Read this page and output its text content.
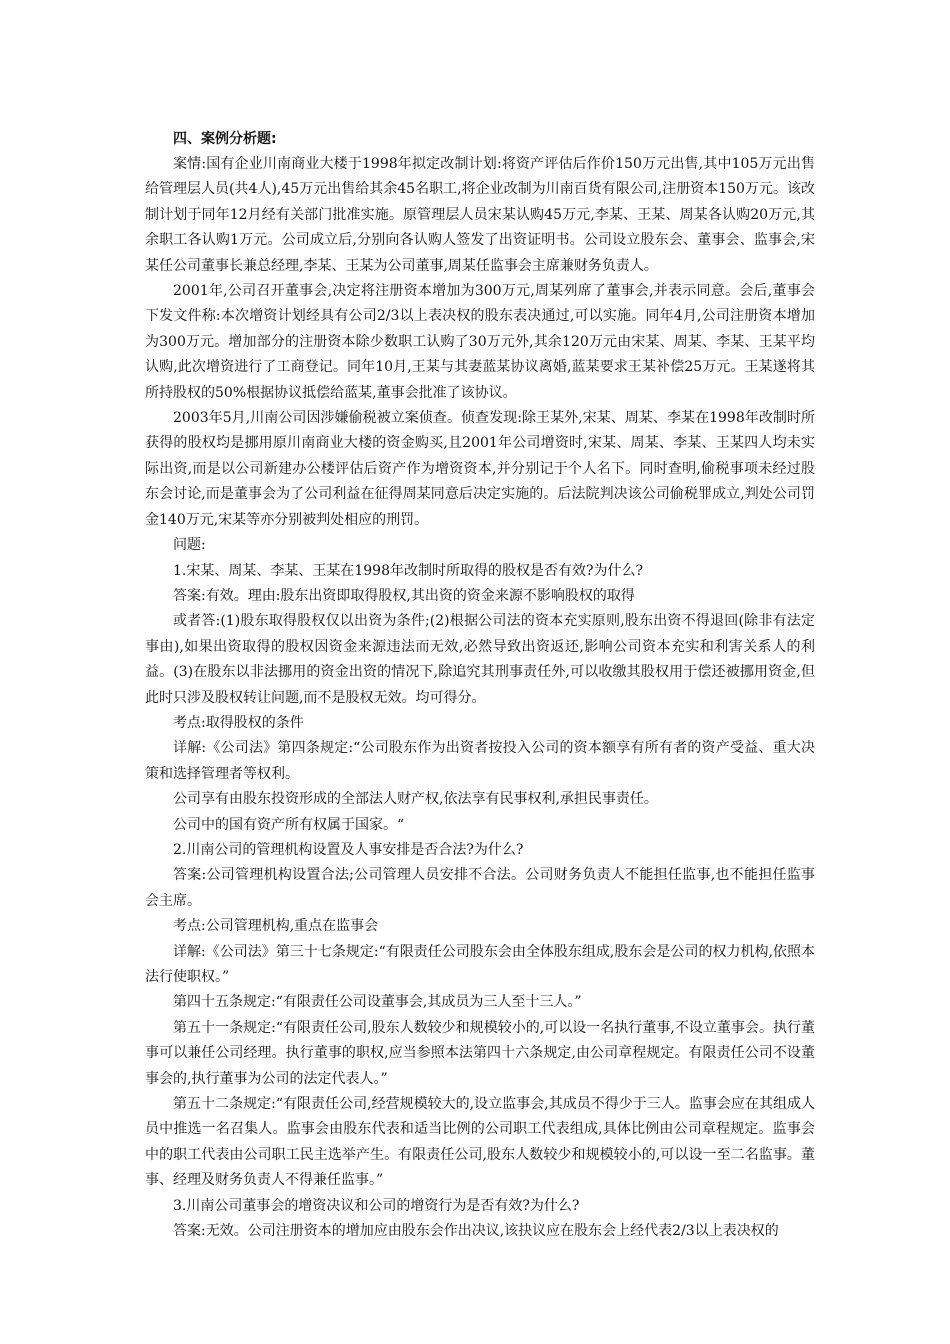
四、案例分析题:

案情:国有企业川南商业大楼于1998年拟定改制计划:将资产评估后作价150万元出售,其中105万元出售给管理层人员(共4人),45万元出售给其余45名职工,将企业改制为川南百货有限公司,注册资本150万元。该改制计划于同年12月经有关部门批准实施。原管理层人员宋某认购45万元,李某、王某、周某各认购20万元,其余职工各认购1万元。公司成立后,分别向各认购人签发了出资证明书。公司设立股东会、董事会、监事会,宋某任公司董事长兼总经理,李某、王某为公司董事,周某任监事会主席兼财务负责人。

2001年,公司召开董事会,决定将注册资本增加为300万元,周某列席了董事会,并表示同意。会后,董事会下发文件称:本次增资计划经具有公司2/3以上表决权的股东表决通过,可以实施。同年4月,公司注册资本增加为300万元。增加部分的注册资本除少数职工认购了30万元外,其余120万元由宋某、周某、李某、王某平均认购,此次增资进行了工商登记。同年10月,王某与其妻蓝某协议离婚,蓝某要求王某补偿25万元。王某遂将其所持股权的50%根据协议抵偿给蓝某,董事会批准了该协议。

2003年5月,川南公司因涉嫌偷税被立案侦查。侦查发现:除王某外,宋某、周某、李某在1998年改制时所获得的股权均是挪用原川南商业大楼的资金购买,且2001年公司增资时,宋某、周某、李某、王某四人均未实际出资,而是以公司新建办公楼评估后资产作为增资资本,并分别记于个人名下。同时查明,偷税事项未经过股东会讨论,而是董事会为了公司利益在征得周某同意后决定实施的。后法院判决该公司偷税罪成立,判处公司罚金140万元,宋某等亦分别被判处相应的刑罚。

问题:

1.宋某、周某、李某、王某在1998年改制时所取得的股权是否有效?为什么?

答案:有效。理由:股东出资即取得股权,其出资的资金来源不影响股权的取得

或者答:(1)股东取得股权仅以出资为条件;(2)根据公司法的资本充实原则,股东出资不得退回(除非有法定事由),如果出资取得的股权因资金来源违法而无效,必然导致出资返还,影响公司资本充实和利害关系人的利益。(3)在股东以非法挪用的资金出资的情况下,除追究其刑事责任外,可以收缴其股权用于偿还被挪用资金,但此时只涉及股权转让问题,而不是股权无效。均可得分。

考点:取得股权的条件

详解:《公司法》第四条规定:“公司股东作为出资者按投入公司的资本额享有所有者的资产受益、重大决策和选择管理者等权利。

公司享有由股东投资形成的全部法人财产权,依法享有民事权利,承担民事责任。

公司中的国有资产所有权属于国家。“

2.川南公司的管理机构设置及人事安排是否合法?为什么?

答案:公司管理机构设置合法;公司管理人员安排不合法。公司财务负责人不能担任监事,也不能担任监事会主席。

考点:公司管理机构,重点在监事会

详解:《公司法》第三十七条规定:“有限责任公司股东会由全体股东组成,股东会是公司的权力机构,依照本法行使职权。”

第四十五条规定:“有限责任公司设董事会,其成员为三人至十三人。”

第五十一条规定:“有限责任公司,股东人数较少和规模较小的,可以设一名执行董事,不设立董事会。执行董事可以兼任公司经理。执行董事的职权,应当参照本法第四十六条规定,由公司章程规定。有限责任公司不设董事会的,执行董事为公司的法定代表人。”

第五十二条规定:“有限责任公司,经营规模较大的,设立监事会,其成员不得少于三人。监事会应在其组成人员中推选一名召集人。监事会由股东代表和适当比例的公司职工代表组成,具体比例由公司章程规定。监事会中的职工代表由公司职工民主选举产生。有限责任公司,股东人数较少和规模较小的,可以设一至二名监事。董事、经理及财务负责人不得兼任监事。”

3.川南公司董事会的增资决议和公司的增资行为是否有效?为什么?

答案:无效。公司注册资本的增加应由股东会作出决议,该抉议应在股东会上经代表2/3以上表决权的
